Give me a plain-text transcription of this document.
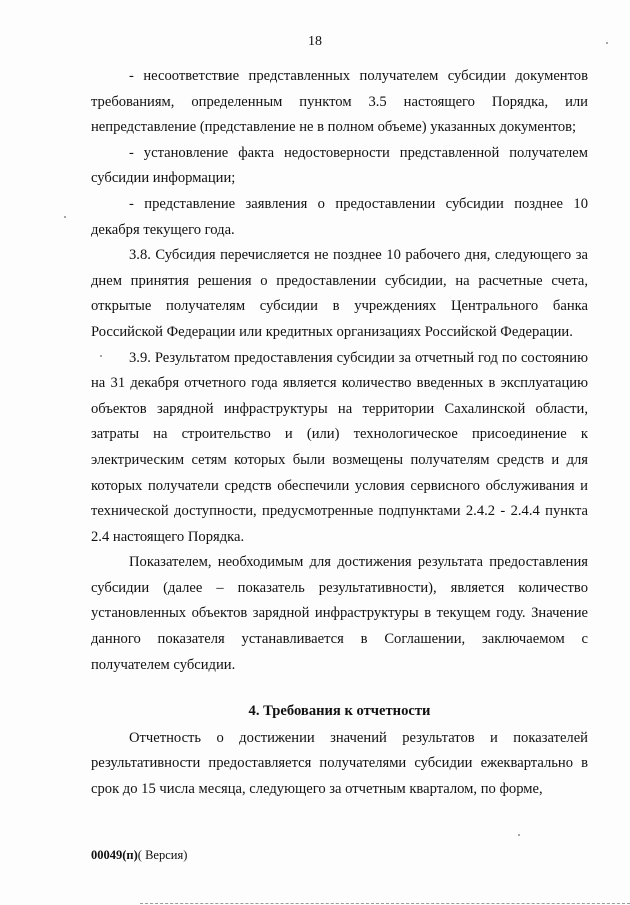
18

- несоответствие представленных получателем субсидии документов требованиям, определенным пунктом 3.5 настоящего Порядка, или непредставление (представление не в полном объеме) указанных документов;

- установление факта недостоверности представленной получателем субсидии информации;

- представление заявления о предоставлении субсидии позднее 10 декабря текущего года.

3.8. Субсидия перечисляется не позднее 10 рабочего дня, следующего за днем принятия решения о предоставлении субсидии, на расчетные счета, открытые получателям субсидии в учреждениях Центрального банка Российской Федерации или кредитных организациях Российской Федерации.

3.9. Результатом предоставления субсидии за отчетный год по состоянию на 31 декабря отчетного года является количество введенных в эксплуатацию объектов зарядной инфраструктуры на территории Сахалинской области, затраты на строительство и (или) технологическое присоединение к электрическим сетям которых были возмещены получателям средств и для которых получатели средств обеспечили условия сервисного обслуживания и технической доступности, предусмотренные подпунктами 2.4.2 - 2.4.4 пункта 2.4 настоящего Порядка.

Показателем, необходимым для достижения результата предоставления субсидии (далее – показатель результативности), является количество установленных объектов зарядной инфраструктуры в текущем году. Значение данного показателя устанавливается в Соглашении, заключаемом с получателем субсидии.

4. Требования к отчетности

Отчетность о достижении значений результатов и показателей результативности предоставляется получателями субсидии ежеквартально в срок до 15 числа месяца, следующего за отчетным кварталом, по форме,

00049(п)( Версия)
